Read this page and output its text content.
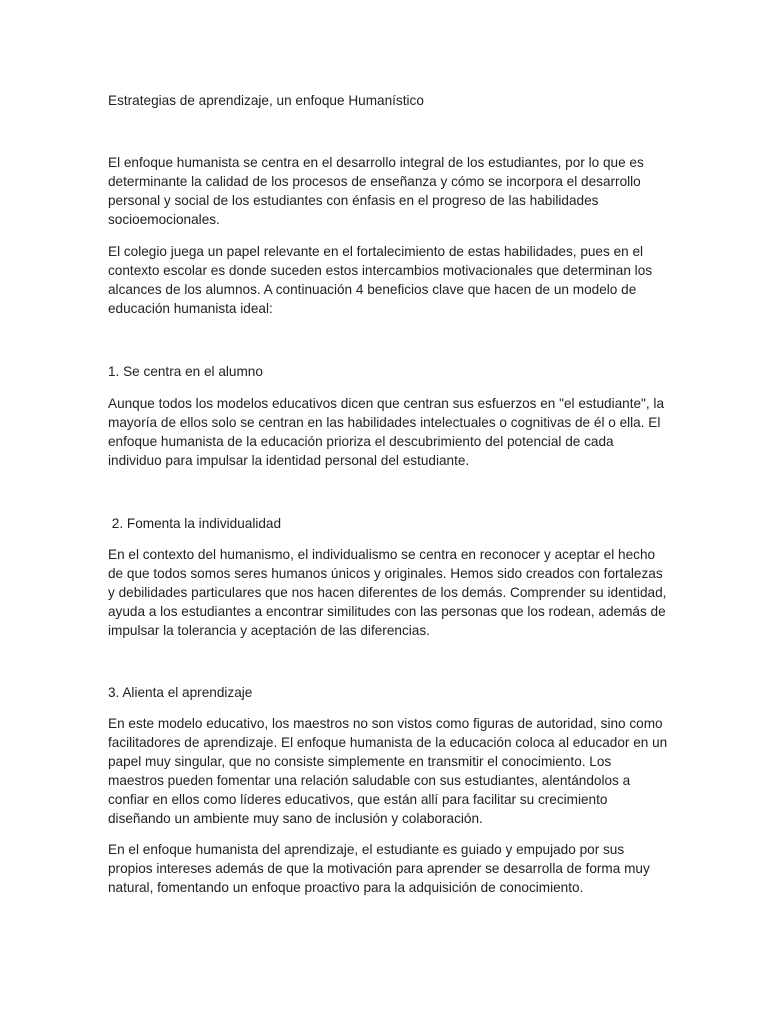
Estrategias de aprendizaje, un enfoque Humanístico

El enfoque humanista se centra en el desarrollo integral de los estudiantes, por lo que es determinante la calidad de los procesos de enseñanza y cómo se incorpora el desarrollo personal y social de los estudiantes con énfasis en el progreso de las habilidades socioemocionales.

El colegio juega un papel relevante en el fortalecimiento de estas habilidades, pues en el contexto escolar es donde suceden estos intercambios motivacionales que determinan los alcances de los alumnos. A continuación 4 beneficios clave que hacen de un modelo de educación humanista ideal:

1. Se centra en el alumno

Aunque todos los modelos educativos dicen que centran sus esfuerzos en "el estudiante", la mayoría de ellos solo se centran en las habilidades intelectuales o cognitivas de él o ella. El enfoque humanista de la educación prioriza el descubrimiento del potencial de cada individuo para impulsar la identidad personal del estudiante.

2. Fomenta la individualidad

En el contexto del humanismo, el individualismo se centra en reconocer y aceptar el hecho de que todos somos seres humanos únicos y originales. Hemos sido creados con fortalezas y debilidades particulares que nos hacen diferentes de los demás. Comprender su identidad, ayuda a los estudiantes a encontrar similitudes con las personas que los rodean, además de impulsar la tolerancia y aceptación de las diferencias.

3. Alienta el aprendizaje

En este modelo educativo, los maestros no son vistos como figuras de autoridad, sino como facilitadores de aprendizaje. El enfoque humanista de la educación coloca al educador en un papel muy singular, que no consiste simplemente en transmitir el conocimiento. Los maestros pueden fomentar una relación saludable con sus estudiantes, alentándolos a confiar en ellos como líderes educativos, que están allí para facilitar su crecimiento diseñando un ambiente muy sano de inclusión y colaboración.

En el enfoque humanista del aprendizaje, el estudiante es guiado y empujado por sus propios intereses además de que la motivación para aprender se desarrolla de forma muy natural, fomentando un enfoque proactivo para la adquisición de conocimiento.
